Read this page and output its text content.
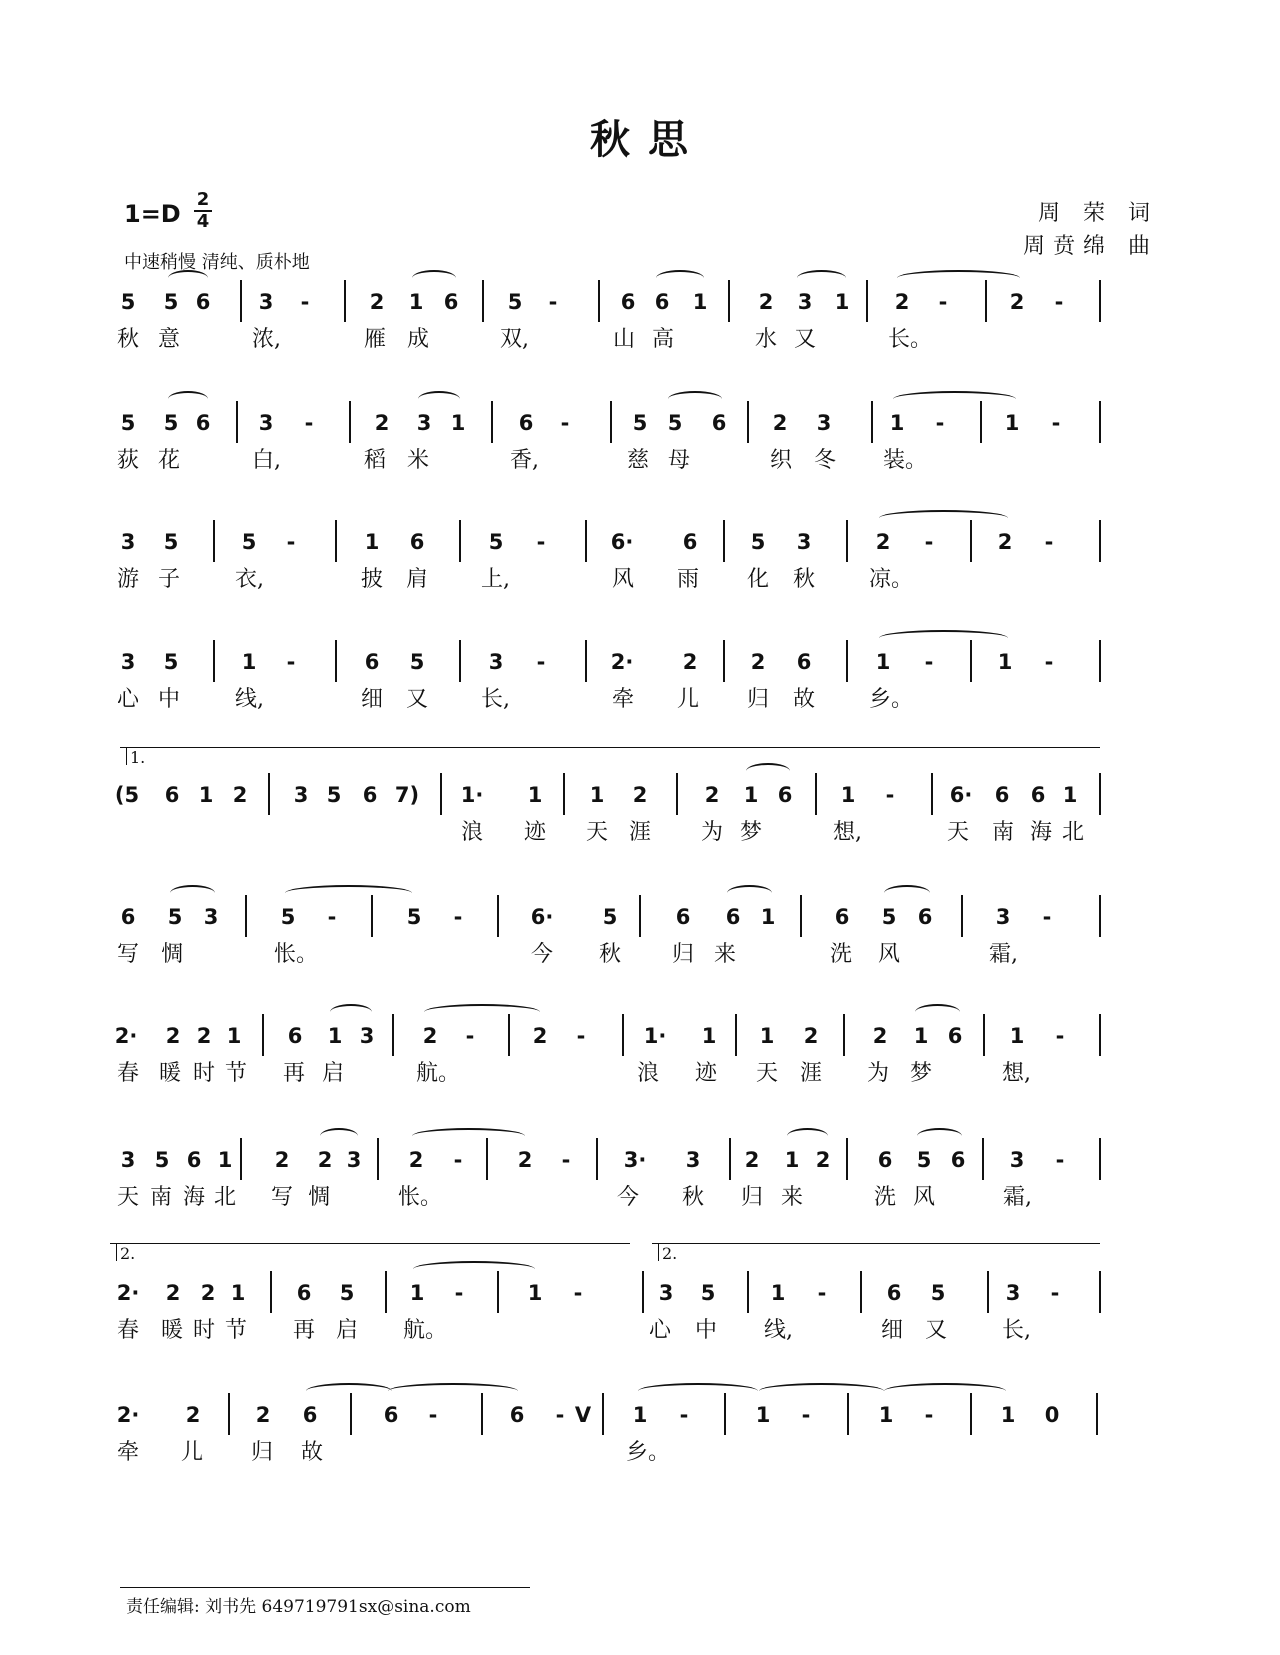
秋 思
1=D
2
4
中速稍慢 清纯、质朴地
周 荣 词
周贲绵 曲
5	5 6	3	-	2	1 6	5	-	6 6	1	2	3	1	2	-	2	-
秋 意	浓,	雁 成	双,	山 高	水 又	长。
5	5 6	3	-	2	3 1	6	-	5 5	6	2	3	1	-	1	-
荻 花	白,	稻 米	香,	慈 母	织 冬 装。
3	5	5	-	1	6	5	-	6·	6	5	3	2	-	2	-
游 子	衣,	披 肩 上,	风 雨 化 秋 凉。
3	5	1	-	6	5	3	-	2·	2	2	6	1	-	1	-
心 中	线,	细 又 长,	牵 儿 归 故 乡。
(5	6 1 2	3 5	6 7) 1·	1	1	2	2	1 6	1	-	6·	6	6 1
浪 迹 天 涯 为 梦	想,	天 南 海 北
6	5	3	5	-	5	-	6·	5	6	6 1	6	5	6	3	-
写 惆	怅。	今 秋 归 来	洗 风	霜,
2·	2 2 1	6	1 3	2	-	2	-	1·	1	1	2	2	1 6	1	-
春 暖 时 节 再 启	航。	浪 迹 天 涯 为 梦	想,
3 5 6 1	2	2 3	2	-	2	-	3·	3	2	1 2	6	5 6	3	-
天 南 海 北 写 惆	怅。	今 秋 归 来	洗 风	霜,
2·	2 2 1	6	5	1	-	1	-	3	5	1	-	6	5	3	-
春 暖 时 节 再 启 航。	心 中 线,	细 又	长,
2·	2	2	6	6	-	6	- V	1	-	1	-	1	-	1	0
牵 儿 归 故	乡。
1.
2.	2.
责任编辑: 刘书先 649719791sx@sina.com
